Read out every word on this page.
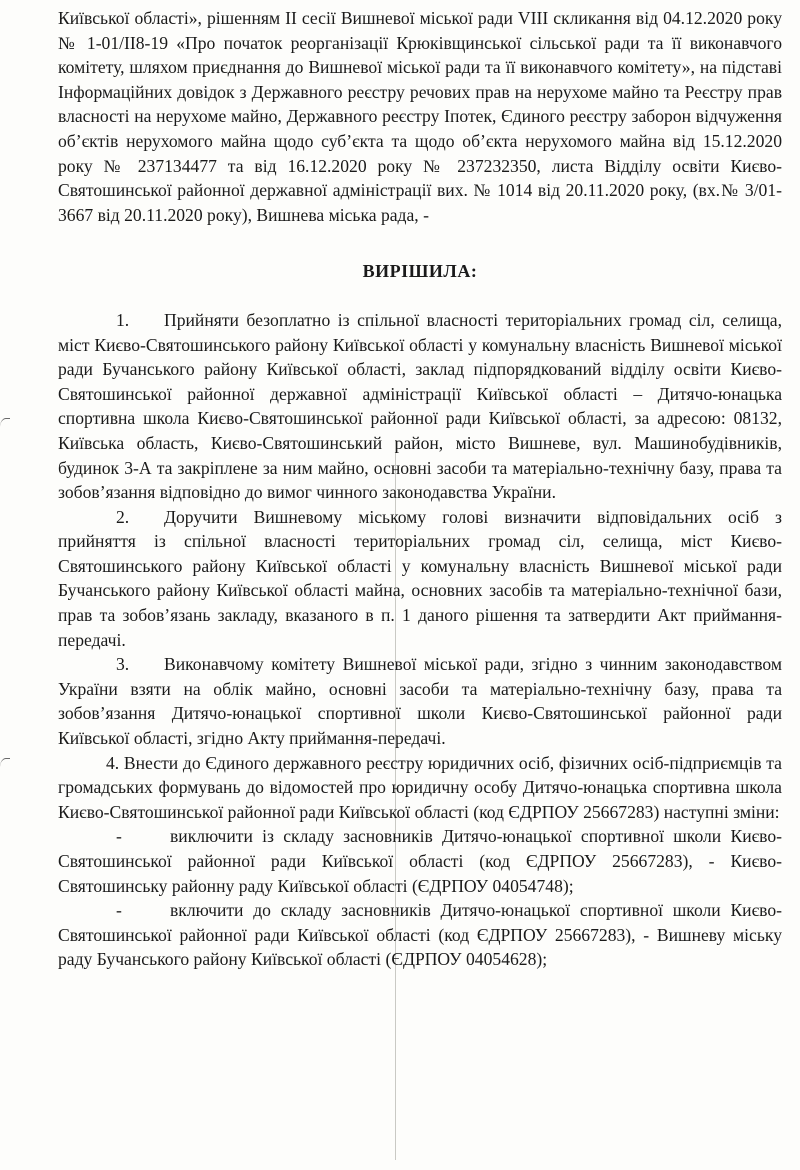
Київської області», рішенням II сесії Вишневої міської ради VIII скликання від 04.12.2020 року № 1-01/II8-19 «Про початок реорганізації Крюківщинської сільської ради та її виконавчого комітету, шляхом приєднання до Вишневої міської ради та її виконавчого комітету», на підставі Інформаційних довідок з Державного реєстру речових прав на нерухоме майно та Реєстру прав власності на нерухоме майно, Державного реєстру Іпотек, Єдиного реєстру заборон відчуження об’єктів нерухомого майна щодо суб’єкта та щодо об’єкта нерухомого майна від 15.12.2020 року № 237134477 та від 16.12.2020 року № 237232350, листа Відділу освіти Києво-Святошинської районної державної адміністрації вих. № 1014 від 20.11.2020 року, (вх.№ 3/01-3667 від 20.11.2020 року), Вишнева міська рада, -

ВИРІШИЛА:

1. Прийняти безоплатно із спільної власності територіальних громад сіл, селища, міст Києво-Святошинського району Київської області у комунальну власність Вишневої міської ради Бучанського району Київської області, заклад підпорядкований відділу освіти Києво-Святошинської районної державної адміністрації Київської області – Дитячо-юнацька спортивна школа Києво-Святошинської районної ради Київської області, за адресою: 08132, Київська область, Києво-Святошинський район, місто Вишневе, вул. Машинобудівників, будинок 3-А та закріплене за ним майно, основні засоби та матеріально-технічну базу, права та зобов’язання відповідно до вимог чинного законодавства України.

2. Доручити Вишневому міському голові визначити відповідальних осіб з прийняття із спільної власності територіальних громад сіл, селища, міст Києво-Святошинського району Київської області у комунальну власність Вишневої міської ради Бучанського району Київської області майна, основних засобів та матеріально-технічної бази, прав та зобов’язань закладу, вказаного в п. 1 даного рішення та затвердити Акт приймання-передачі.

3. Виконавчому комітету Вишневої міської ради, згідно з чинним законодавством України взяти на облік майно, основні засоби та матеріально-технічну базу, права та зобов’язання Дитячо-юнацької спортивної школи Києво-Святошинської районної ради Київської області, згідно Акту приймання-передачі.

4. Внести до Єдиного державного реєстру юридичних осіб, фізичних осіб-підприємців та громадських формувань до відомостей про юридичну особу Дитячо-юнацька спортивна школа Києво-Святошинської районної ради Київської області (код ЄДРПОУ 25667283) наступні зміни:

-	виключити із складу засновників Дитячо-юнацької спортивної школи Києво-Святошинської районної ради Київської області (код ЄДРПОУ 25667283), - Києво-Святошинську районну раду Київської області (ЄДРПОУ 04054748);

-	включити до складу засновників Дитячо-юнацької спортивної школи Києво-Святошинської районної ради Київської області (код ЄДРПОУ 25667283), - Вишневу міську раду Бучанського району Київської області (ЄДРПОУ 04054628);
